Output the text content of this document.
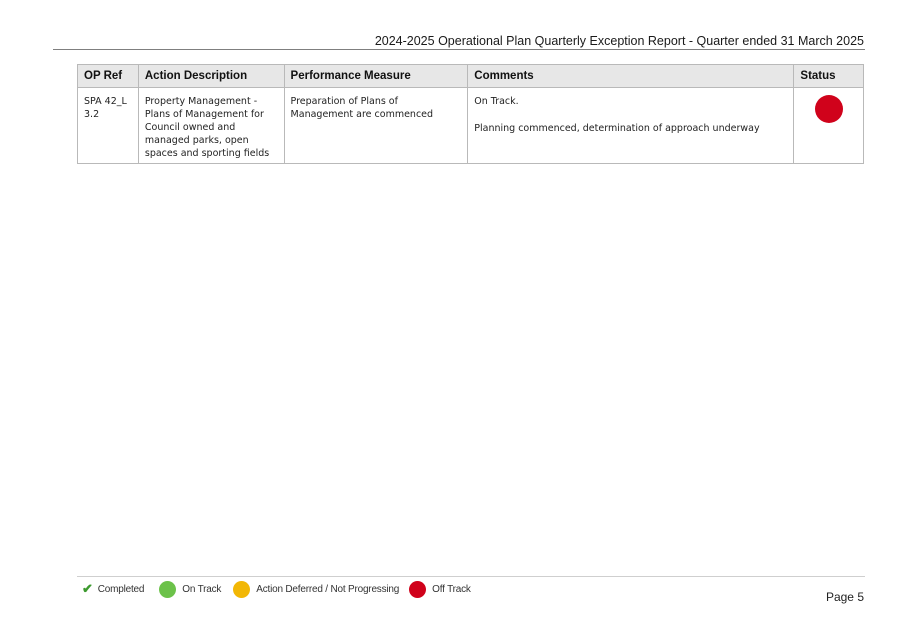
2024-2025 Operational Plan Quarterly Exception Report - Quarter ended 31 March 2025
OP Ref	Action Description	Performance Measure	Comments	Status
SPA 42_L 3.2	Property Management - Plans of Management for Council owned and managed parks, open spaces and sporting fields	Preparation of Plans of Management are commenced	On Track.
Planning commenced, determination of approach underway	

✔ Completed	On Track	Action Deferred / Not Progressing	Off Track
Page 5
